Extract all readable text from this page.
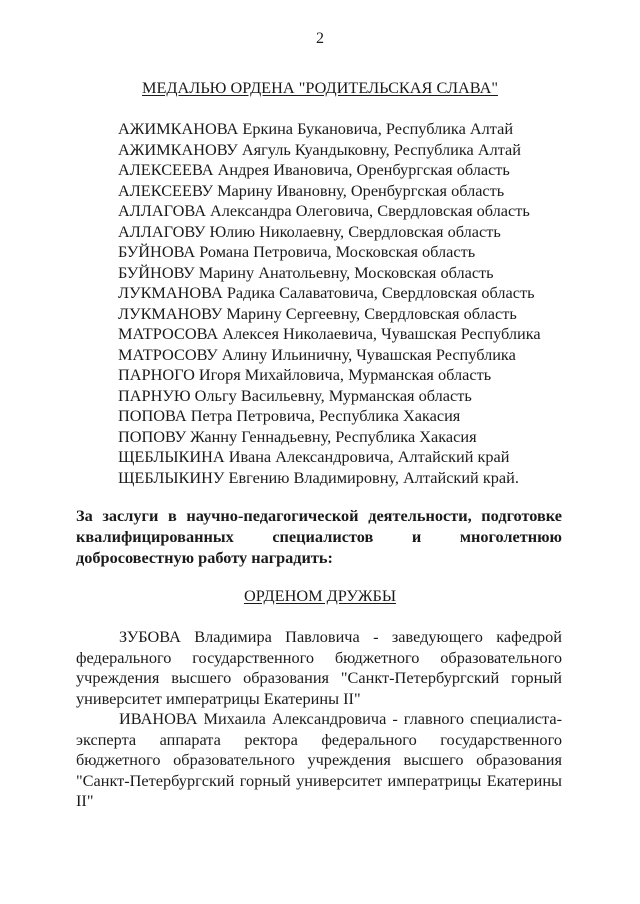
2
МЕДАЛЬЮ ОРДЕНА "РОДИТЕЛЬСКАЯ СЛАВА"
АЖИМКАНОВА Еркина Букановича, Республика Алтай
АЖИМКАНОВУ Аягуль Куандыковну, Республика Алтай
АЛЕКСЕЕВА Андрея Ивановича, Оренбургская область
АЛЕКСЕЕВУ Марину Ивановну, Оренбургская область
АЛЛАГОВА Александра Олеговича, Свердловская область
АЛЛАГОВУ Юлию Николаевну, Свердловская область
БУЙНОВА Романа Петровича, Московская область
БУЙНОВУ Марину Анатольевну, Московская область
ЛУКМАНОВА Радика Салаватовича, Свердловская область
ЛУКМАНОВУ Марину Сергеевну, Свердловская область
МАТРОСОВА Алексея Николаевича, Чувашская Республика
МАТРОСОВУ Алину Ильиничну, Чувашская Республика
ПАРНОГО Игоря Михайловича, Мурманская область
ПАРНУЮ Ольгу Васильевну, Мурманская область
ПОПОВА Петра Петровича, Республика Хакасия
ПОПОВУ Жанну Геннадьевну, Республика Хакасия
ЩЕБЛЫКИНА Ивана Александровича, Алтайский край
ЩЕБЛЫКИНУ Евгению Владимировну, Алтайский край.
За заслуги в научно-педагогической деятельности, подготовке квалифицированных специалистов и многолетнюю добросовестную работу наградить:
ОРДЕНОМ ДРУЖБЫ

ЗУБОВА Владимира Павловича - заведующего кафедрой федерального государственного бюджетного образовательного учреждения высшего образования "Санкт-Петербургский горный университет императрицы Екатерины II"

ИВАНОВА Михаила Александровича - главного специалиста-эксперта аппарата ректора федерального государственного бюджетного образовательного учреждения высшего образования "Санкт-Петербургский горный университет императрицы Екатерины II"
